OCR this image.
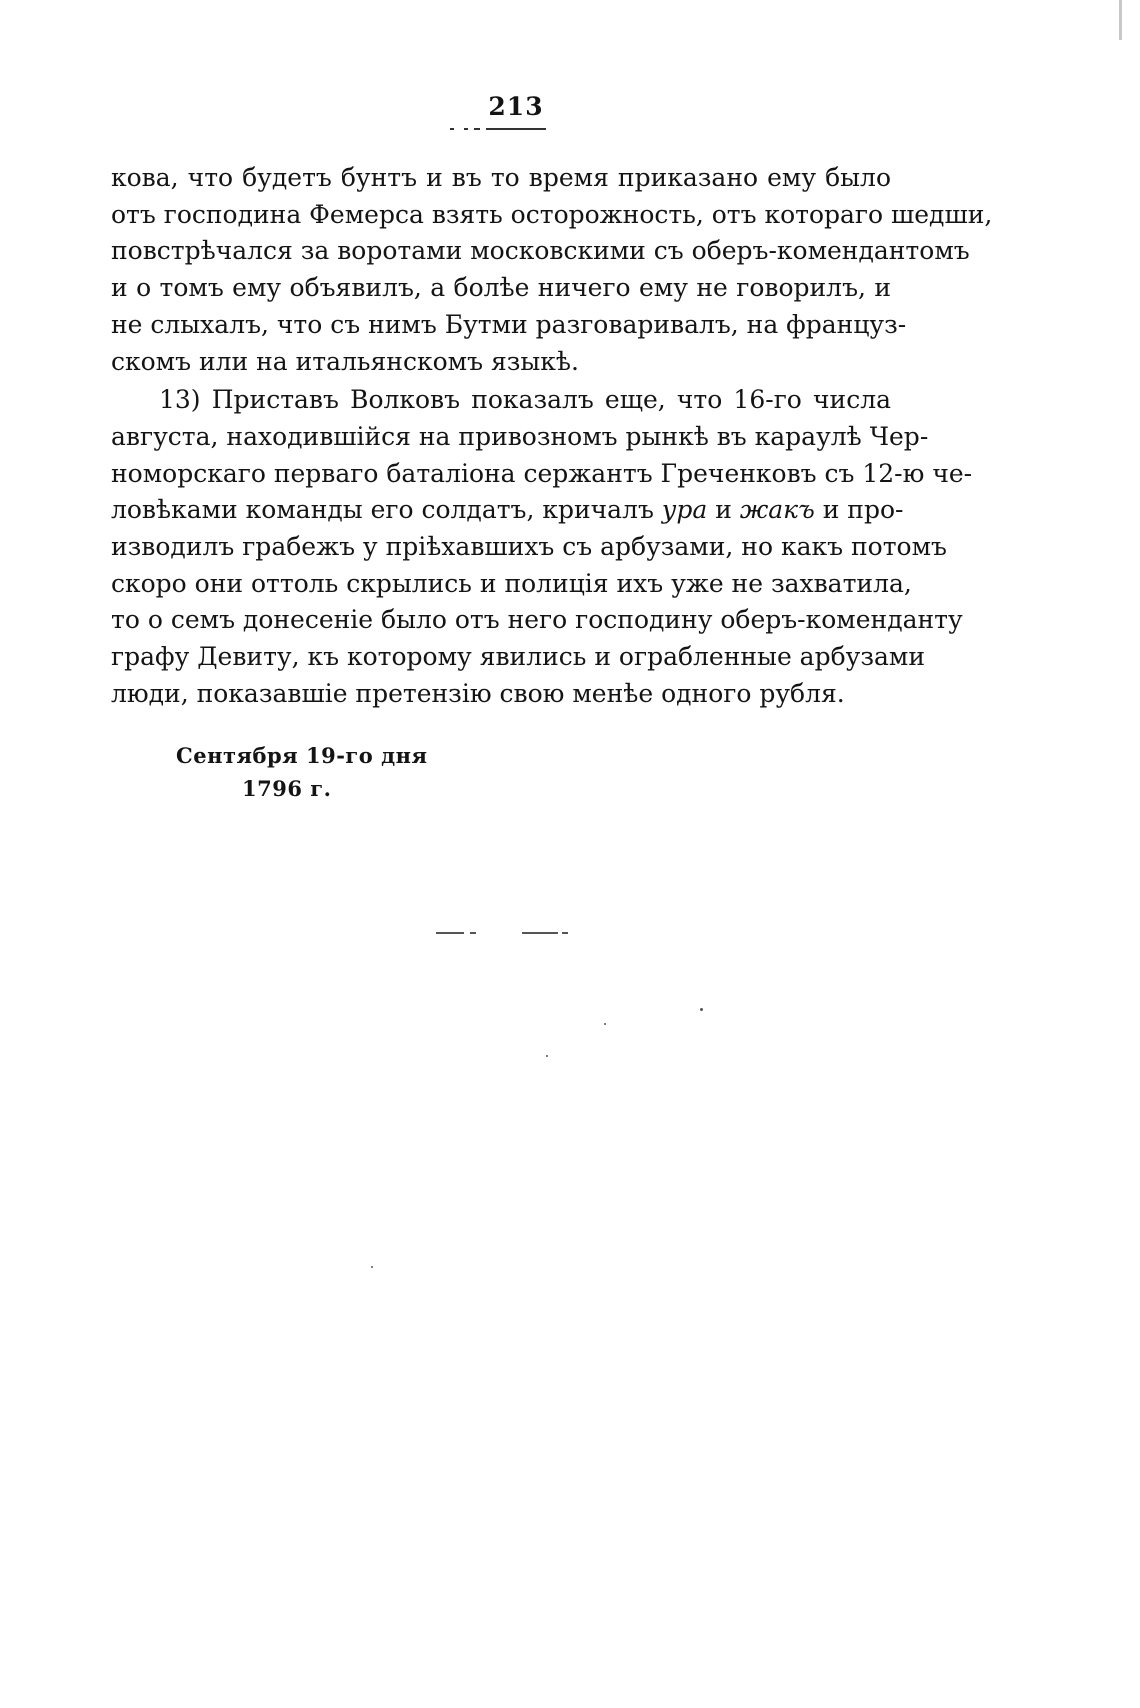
213
кова, что будетъ бунтъ и въ то время приказано ему было
отъ господина Фемерса взять осторожность, отъ котораго шедши,
повстрѣчался за воротами московскими съ оберъ-комендантомъ
и о томъ ему объявилъ, а болѣе ничего ему не говорилъ, и
не слыхалъ, что съ нимъ Бутми разговаривалъ, на француз-
скомъ или на итальянскомъ языкѣ.
13) Приставъ Волковъ показалъ еще, что 16-го числа
августа, находившійся на привозномъ рынкѣ въ караулѣ Чер-
номорскаго перваго баталіона сержантъ Греченковъ съ 12-ю че-
ловѣками команды его солдатъ, кричалъ ура и жакъ и про-
изводилъ грабежъ у пріѣхавшихъ съ арбузами, но какъ потомъ
скоро они оттоль скрылись и полиція ихъ уже не захватила,
то о семъ донесеніе было отъ него господину оберъ-коменданту
графу Девиту, къ которому явились и ограбленные арбузами
люди, показавшіе претензію свою менѣе одного рубля.
Сентября 19-го дня
1796 г.
